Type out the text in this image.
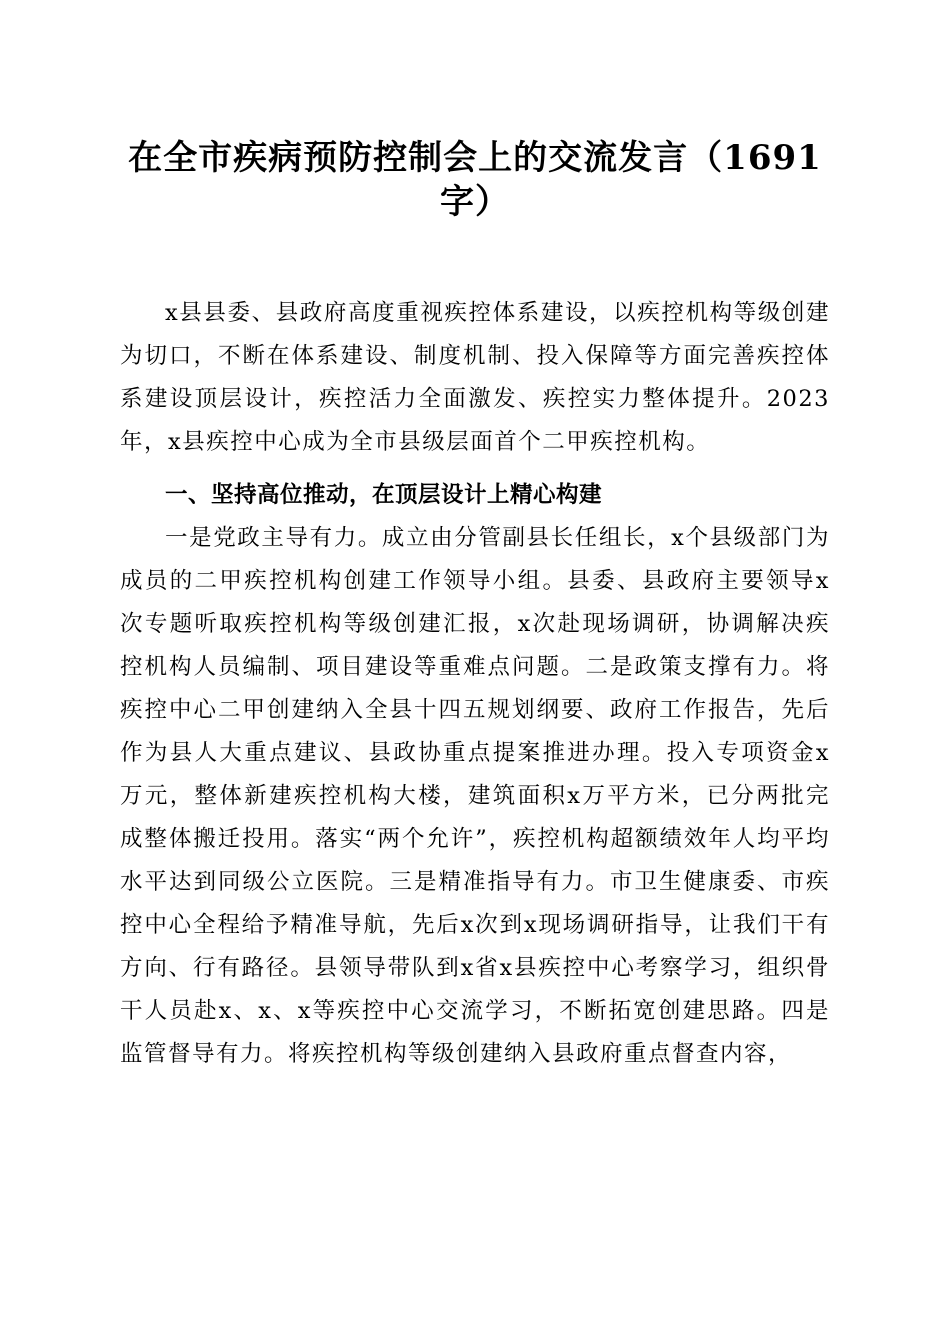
在全市疾病预防控制会上的交流发言（1691字）

x县县委、县政府高度重视疾控体系建设，以疾控机构等级创建为切口，不断在体系建设、制度机制、投入保障等方面完善疾控体系建设顶层设计，疾控活力全面激发、疾控实力整体提升。2023年，x县疾控中心成为全市县级层面首个二甲疾控机构。

一、坚持高位推动，在顶层设计上精心构建

一是党政主导有力。成立由分管副县长任组长，x个县级部门为成员的二甲疾控机构创建工作领导小组。县委、县政府主要领导x次专题听取疾控机构等级创建汇报，x次赴现场调研，协调解决疾控机构人员编制、项目建设等重难点问题。二是政策支撑有力。将疾控中心二甲创建纳入全县十四五规划纲要、政府工作报告，先后作为县人大重点建议、县政协重点提案推进办理。投入专项资金x万元，整体新建疾控机构大楼，建筑面积x万平方米，已分两批完成整体搬迁投用。落实“两个允许”，疾控机构超额绩效年人均平均水平达到同级公立医院。三是精准指导有力。市卫生健康委、市疾控中心全程给予精准导航，先后x次到x现场调研指导，让我们干有方向、行有路径。县领导带队到x省x县疾控中心考察学习，组织骨干人员赴x、x、x等疾控中心交流学习，不断拓宽创建思路。四是监管督导有力。将疾控机构等级创建纳入县政府重点督查内容，
